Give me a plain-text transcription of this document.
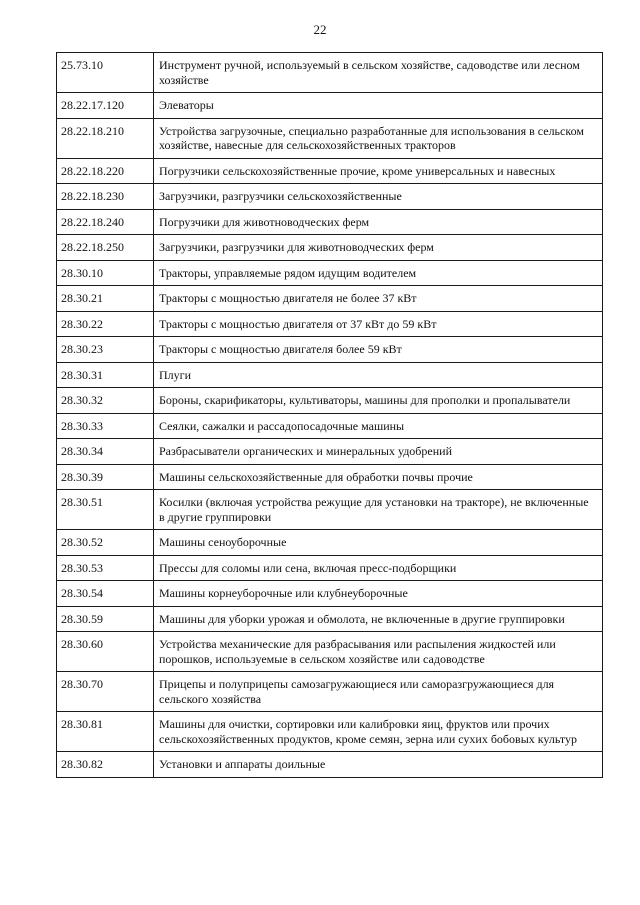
22
25.73.10	Инструмент ручной, используемый в сельском хозяйстве, садоводстве или лесном хозяйстве
28.22.17.120	Элеваторы
28.22.18.210	Устройства загрузочные, специально разработанные для использования в сельском хозяйстве, навесные для сельскохозяйственных тракторов
28.22.18.220	Погрузчики сельскохозяйственные прочие, кроме универсальных и навесных
28.22.18.230	Загрузчики, разгрузчики сельскохозяйственные
28.22.18.240	Погрузчики для животноводческих ферм
28.22.18.250	Загрузчики, разгрузчики для животноводческих ферм
28.30.10	Тракторы, управляемые рядом идущим водителем
28.30.21	Тракторы с мощностью двигателя не более 37 кВт
28.30.22	Тракторы с мощностью двигателя от 37 кВт до 59 кВт
28.30.23	Тракторы с мощностью двигателя более 59 кВт
28.30.31	Плуги
28.30.32	Бороны, скарификаторы, культиваторы, машины для прополки и пропалыватели
28.30.33	Сеялки, сажалки и рассадопосадочные машины
28.30.34	Разбрасыватели органических и минеральных удобрений
28.30.39	Машины сельскохозяйственные для обработки почвы прочие
28.30.51	Косилки (включая устройства режущие для установки на тракторе), не включенные в другие группировки
28.30.52	Машины сеноуборочные
28.30.53	Прессы для соломы или сена, включая пресс-подборщики
28.30.54	Машины корнеуборочные или клубнеуборочные
28.30.59	Машины для уборки урожая и обмолота, не включенные в другие группировки
28.30.60	Устройства механические для разбрасывания или распыления жидкостей или порошков, используемые в сельском хозяйстве или садоводстве
28.30.70	Прицепы и полуприцепы самозагружающиеся или саморазгружающиеся для сельского хозяйства
28.30.81	Машины для очистки, сортировки или калибровки яиц, фруктов или прочих сельскохозяйственных продуктов, кроме семян, зерна или сухих бобовых культур
28.30.82	Установки и аппараты доильные
